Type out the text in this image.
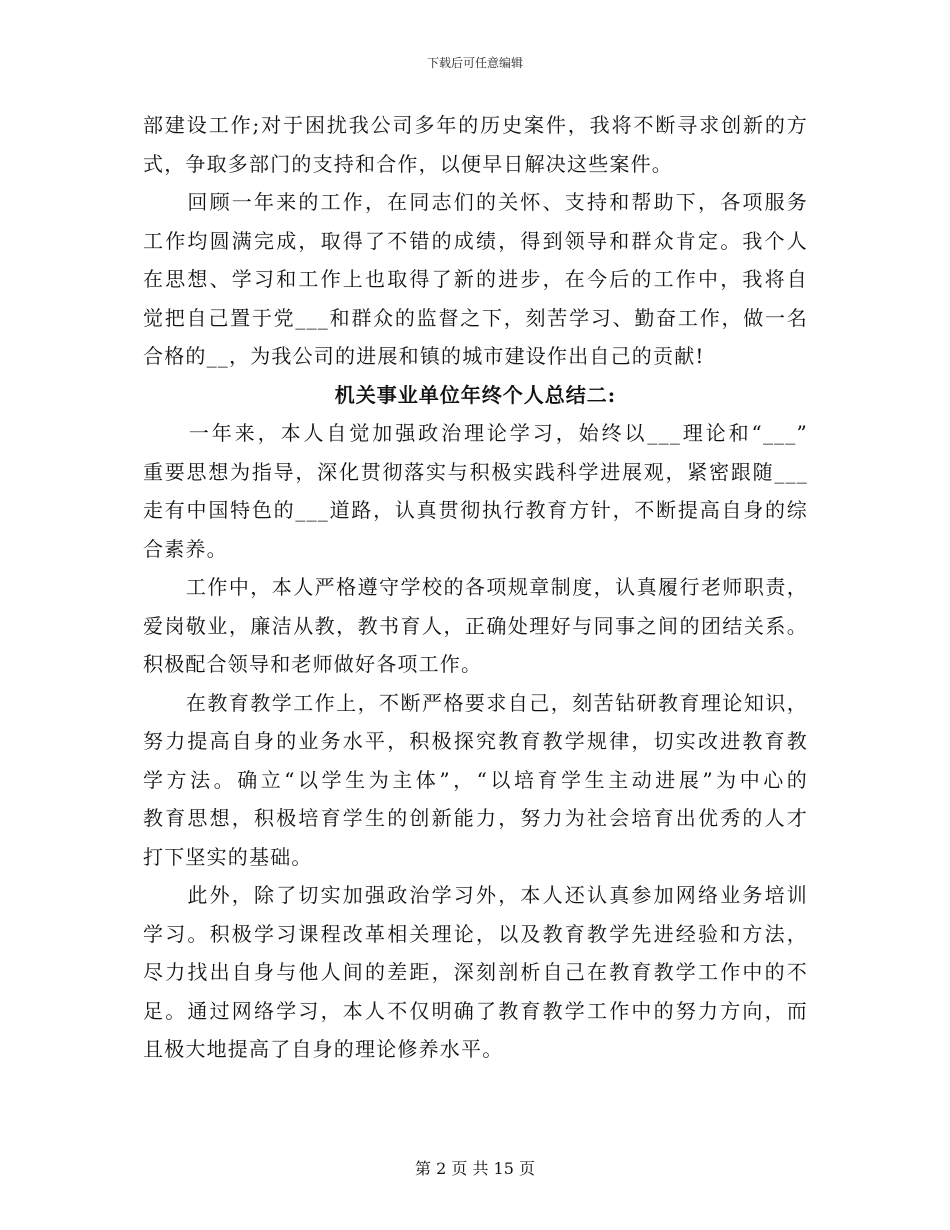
下载后可任意编辑

部建设工作;对于困扰我公司多年的历史案件，我将不断寻求创新的方
式，争取多部门的支持和合作，以便早日解决这些案件。

　　回顾一年来的工作，在同志们的关怀、支持和帮助下，各项服务
工作均圆满完成，取得了不错的成绩，得到领导和群众肯定。我个人
在思想、学习和工作上也取得了新的进步，在今后的工作中，我将自
觉把自己置于党___和群众的监督之下，刻苦学习、勤奋工作，做一名
合格的__，为我公司的进展和镇的城市建设作出自己的贡献!

机关事业单位年终个人总结二:

　　一年来，本人自觉加强政治理论学习，始终以___理论和“___”
重要思想为指导，深化贯彻落实与积极实践科学进展观，紧密跟随___
走有中国特色的___道路，认真贯彻执行教育方针，不断提高自身的综
合素养。

　　工作中，本人严格遵守学校的各项规章制度，认真履行老师职责，
爱岗敬业，廉洁从教，教书育人，正确处理好与同事之间的团结关系。
积极配合领导和老师做好各项工作。

　　在教育教学工作上，不断严格要求自己，刻苦钻研教育理论知识，
努力提高自身的业务水平，积极探究教育教学规律，切实改进教育教
学方法。确立“以学生为主体”，“以培育学生主动进展”为中心的
教育思想，积极培育学生的创新能力，努力为社会培育出优秀的人才
打下坚实的基础。

　　此外，除了切实加强政治学习外，本人还认真参加网络业务培训
学习。积极学习课程改革相关理论，以及教育教学先进经验和方法，
尽力找出自身与他人间的差距，深刻剖析自己在教育教学工作中的不
足。通过网络学习，本人不仅明确了教育教学工作中的努力方向，而
且极大地提高了自身的理论修养水平。

第 2 页 共 15 页
